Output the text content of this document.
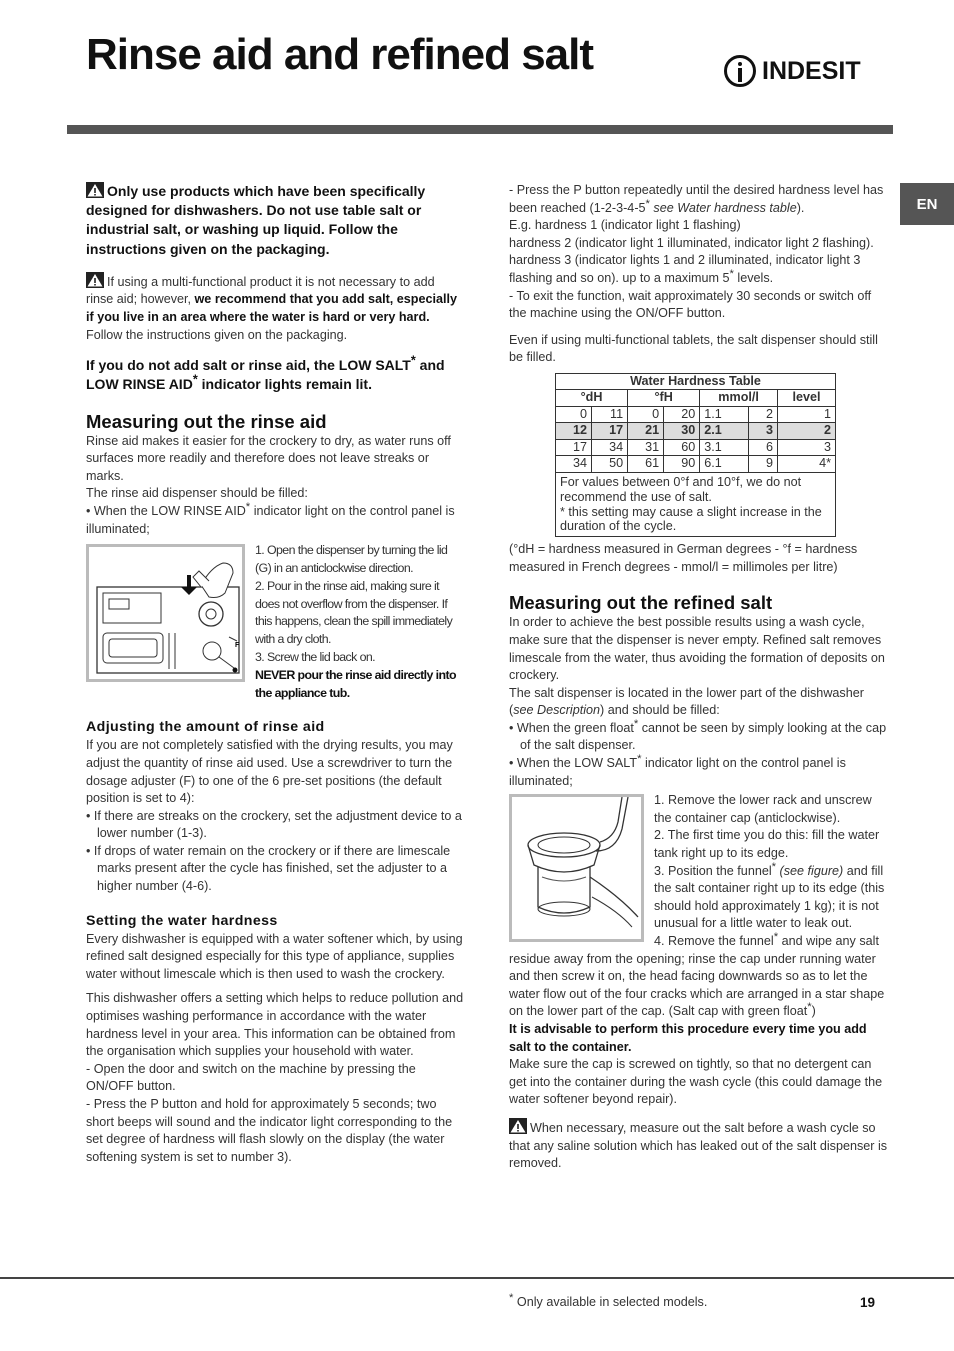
Rinse aid and refined salt	INDESIT
EN

Only use products which have been specifically designed for dishwashers. Do not use table salt or industrial salt, or washing up liquid. Follow the instructions given on the packaging.

If using a multi-functional product it is not necessary to add rinse aid; however, we recommend that you add salt, especially if you live in an area where the water is hard or very hard. Follow the instructions given on the packaging.

If you do not add salt or rinse aid, the LOW SALT* and LOW RINSE AID* indicator lights remain lit.

Measuring out the rinse aid

Rinse aid makes it easier for the crockery to dry, as water runs off surfaces more readily and therefore does not leave streaks or marks.

The rinse aid dispenser should be filled:

• When the LOW RINSE AID* indicator light on the control panel is illuminated;

F

1. Open the dispenser by turning the lid (G) in an anticlockwise direction.

2. Pour in the rinse aid, making sure it does not overflow from the dispenser. If this happens, clean the spill immediately with a dry cloth.

3. Screw the lid back on.

NEVER pour the rinse aid directly into the appliance tub.

Adjusting the amount of rinse aid

If you are not completely satisfied with the drying results, you may adjust the quantity of rinse aid used. Use a screwdriver to turn the dosage adjuster (F) to one of the 6 pre-set positions (the default position is set to 4):

• If there are streaks on the crockery, set the adjustment device to a lower number (1-3).

• If drops of water remain on the crockery or if there are limescale marks present after the cycle has finished, set the adjuster to a higher number (4-6).

Setting the water hardness

Every dishwasher is equipped with a water softener which, by using refined salt designed especially for this type of appliance, supplies water without limescale which is then used to wash the crockery.

This dishwasher offers a setting which helps to reduce pollution and optimises washing performance in accordance with the water hardness level in your area. This information can be obtained from the organisation which supplies your household with water.

- Open the door and switch on the machine by pressing the ON/OFF button.

- Press the P button and hold for approximately 5 seconds; two short beeps will sound and the indicator light corresponding to the set degree of hardness will flash slowly on the display (the water softening system is set to number 3).

- Press the P button repeatedly until the desired hardness level has been reached (1-2-3-4-5* see Water hardness table).

E.g. hardness 1 (indicator light 1 flashing)

hardness 2 (indicator light 1 illuminated, indicator light 2 flashing).

hardness 3 (indicator lights 1 and 2 illuminated, indicator light 3 flashing and so on). up to a maximum 5* levels.

- To exit the function, wait approximately 30 seconds or switch off the machine using the ON/OFF button.

Even if using multi-functional tablets, the salt dispenser should still be filled.

Water Hardness Table						
°dH		°fH		mmol/l		level
0	11	0	20	1.1	2	1
12	17	21	30	2.1	3	2
17	34	31	60	3.1	6	3
34	50	61	90	6.1	9	4*

For values between 0°f and 10°f, we do not recommend the use of salt.
* this setting may cause a slight increase in the duration of the cycle.						

(°dH = hardness measured in German degrees - °f = hardness measured in French degrees - mmol/l = millimoles per litre)

Measuring out the refined salt

In order to achieve the best possible results using a wash cycle, make sure that the dispenser is never empty. Refined salt removes limescale from the water, thus avoiding the formation of deposits on crockery.

The salt dispenser is located in the lower part of the dishwasher (see Description) and should be filled:

• When the green float* cannot be seen by simply looking at the cap of the salt dispenser.

• When the LOW SALT* indicator light on the control panel is illuminated;

1. Remove the lower rack and unscrew the container cap (anticlockwise).

2. The first time you do this: fill the water tank right up to its edge.

3. Position the funnel* (see figure) and fill the salt container right up to its edge (this should hold approximately 1 kg); it is not unusual for a little water to leak out.

4. Remove the funnel* and wipe any salt residue away from the opening; rinse the cap under running water and then screw it on, the head facing downwards so as to let the water flow out of the four cracks which are arranged in a star shape on the lower part of the cap. (Salt cap with green float*)

It is advisable to perform this procedure every time you add salt to the container.

Make sure the cap is screwed on tightly, so that no detergent can get into the container during the wash cycle (this could damage the water softener beyond repair).

When necessary, measure out the salt before a wash cycle so that any saline solution which has leaked out of the salt dispenser is removed.

* Only available in selected models.	19
